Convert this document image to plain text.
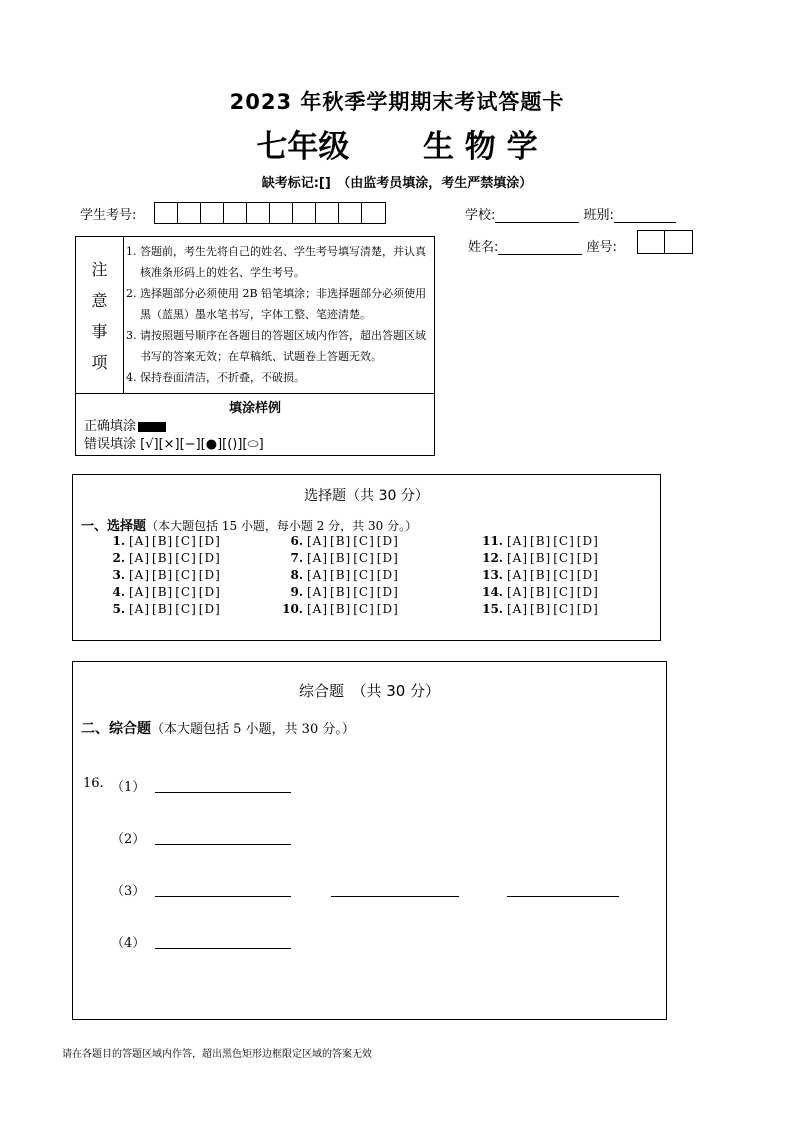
2023 年秋季学期期末考试答题卡
七年级 生 物 学
缺考标记:[]　（由监考员填涂，考生严禁填涂）
学生考号:	学校:	班别:
姓名:	座号:
注
意
事
项
1. 答题前，考生先将自己的姓名、学生考号填写清楚，并认真核准条形码上的姓名、学生考号。
2. 选择题部分必须使用 2B 铅笔填涂；非选择题部分必须使用黑（蓝黑）墨水笔书写，字体工整、笔迹清楚。
3. 请按照题号顺序在各题目的答题区域内作答，超出答题区域书写的答案无效；在草稿纸、试题卷上答题无效。
4. 保持卷面清洁，不折叠，不破损。
填涂样例
正确填涂
错误填涂 [√][×][−][●][()][⬭]
选择题（共 30 分）
一、选择题（本大题包括 15 小题，每小题 2 分，共 30 分。）
1. [A] [B] [C] [D]
2. [A] [B] [C] [D]
3. [A] [B] [C] [D]
4. [A] [B] [C] [D]
5. [A] [B] [C] [D]
6. [A] [B] [C] [D]
7. [A] [B] [C] [D]
8. [A] [B] [C] [D]
9. [A] [B] [C] [D]
10. [A] [B] [C] [D]
11. [A] [B] [C] [D]
12. [A] [B] [C] [D]
13. [A] [B] [C] [D]
14. [A] [B] [C] [D]
15. [A] [B] [C] [D]
综合题　（共 30 分）
二、综合题（本大题包括 5 小题，共 30 分。）
16. （1）
（2）
（3）
（4）
请在各题目的答题区域内作答，超出黑色矩形边框限定区域的答案无效
